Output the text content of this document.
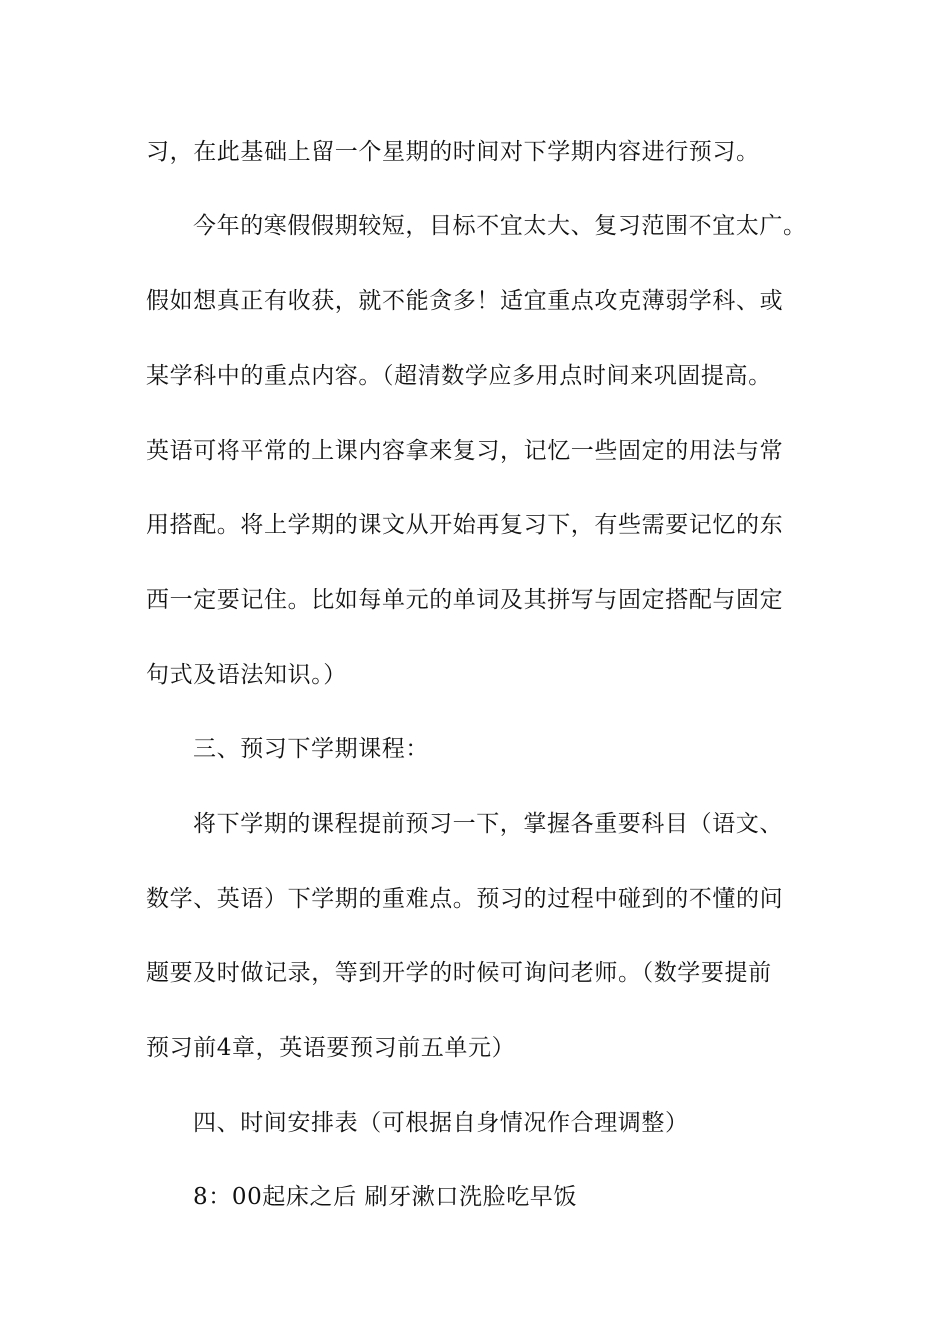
习，在此基础上留一个星期的时间对下学期内容进行预习。
今年的寒假假期较短，目标不宜太大、复习范围不宜太广。
假如想真正有收获，就不能贪多！适宜重点攻克薄弱学科、或
某学科中的重点内容。（超清数学应多用点时间来巩固提高。
英语可将平常的上课内容拿来复习，记忆一些固定的用法与常
用搭配。将上学期的课文从开始再复习下，有些需要记忆的东
西一定要记住。比如每单元的单词及其拼写与固定搭配与固定
句式及语法知识。）
三、预习下学期课程：
将下学期的课程提前预习一下，掌握各重要科目（语文、
数学、英语）下学期的重难点。预习的过程中碰到的不懂的问
题要及时做记录，等到开学的时候可询问老师。（数学要提前
预习前4章，英语要预习前五单元）
四、时间安排表（可根据自身情况作合理调整）
8：00起床之后 刷牙漱口洗脸吃早饭
